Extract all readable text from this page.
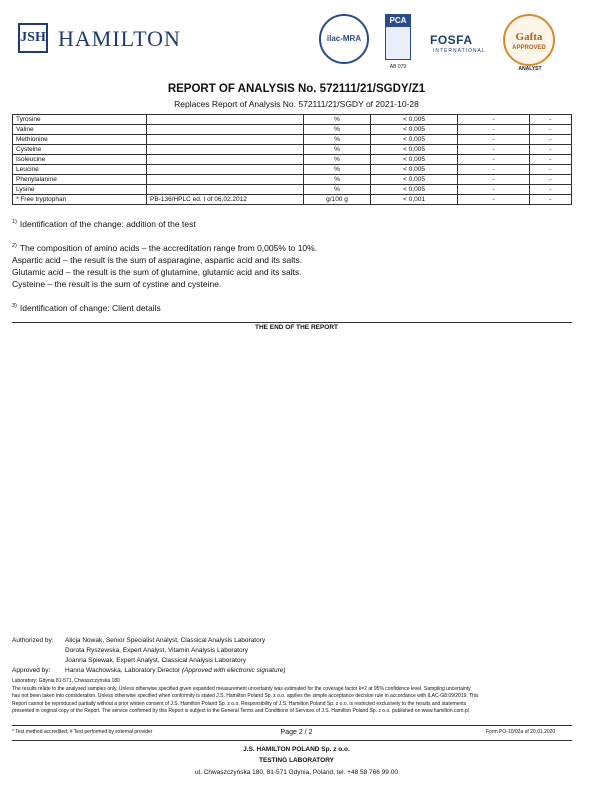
JSH HAMILTON	ilac-MRA
PCA
AB 079
FOSFA
INTERNATIONAL
Gafta
APPROVED
ANALYST
REPORT OF ANALYSIS No. 572111/21/SGDY/Z1
Replaces Report of Analysis No. 572111/21/SGDY of 2021-10-28
Tyrosine		%	< 0,005	-	-
Valine		%	< 0,005	-	-
Methionine		%	< 0,005	-	-
Cysteine		%	< 0,005	-	-
Isoleucine		%	< 0,005	-	-
Leucine		%	< 0,005	-	-
Phenylalanine		%	< 0,005	-	-
Lysine		%	< 0,005	-	-
* Free tryptophan	PB-136/HPLC ed. I of 06.02.2012	g/100 g	< 0,001	-	-
$^{1)}$ Identification of the change: addition of the test
$^{2)}$ The composition of amino acids – the accreditation range from 0,005% to 10%.
Aspartic acid – the result is the sum of asparagine, aspartic acid and its salts.
Glutamic acid – the result is the sum of glutamine, glutamic acid and its salts.
Cysteine – the result is the sum of cystine and cysteine.
$^{3)}$ Identification of change: Client details
THE END OF THE REPORT
Authorized by: Alicja Nowak, Senior Specialist Analyst, Classical Analysis Laboratory
Dorota Ryszewska, Expert Analyst, Vitamin Analysis Laboratory
Joanna Spiewak, Expert Analyst, Classical Analysis Laboratory
Approved by: Hanna Wachowska, Laboratory Director (Approved with electronic signature)
Laboratory: Gdynia 81-571, Chwaszczyńska 180
The results relate to the analysed samples only. Unless otherwise specified given expanded measurement uncertainty was estimated for the coverage factor k=2 at 95% confidence level. Sampling uncertainty
has not been taken into consideration. Unless otherwise specified when conformity is stated J.S. Hamilton Poland Sp. z o.o. applies the simple acceptance decision rule in accordance with ILAC-G8:09/2019. This
Report cannot be reproduced partially without a prior written consent of J.S. Hamilton Poland Sp. z o.o. Responsibility of J.S. Hamilton Poland Sp. z o.o. is restricted exclusively to the results and statements
presented in original copy of the Report. The service confirmed by this Report is subject to the General Terms and Conditions of Services of J.S. Hamilton Poland Sp. z o.o. published on www.hamilton.com.pl
* Test method accredited; # Test performed by external provider	Page 2 / 2	Form PO-10/02a of 20.01.2020
J.S. HAMILTON POLAND Sp. z o.o.
TESTING LABORATORY
ul. Chwaszczyńska 180, 81-571 Gdynia, Poland, tel. +48 58 766 99 00
